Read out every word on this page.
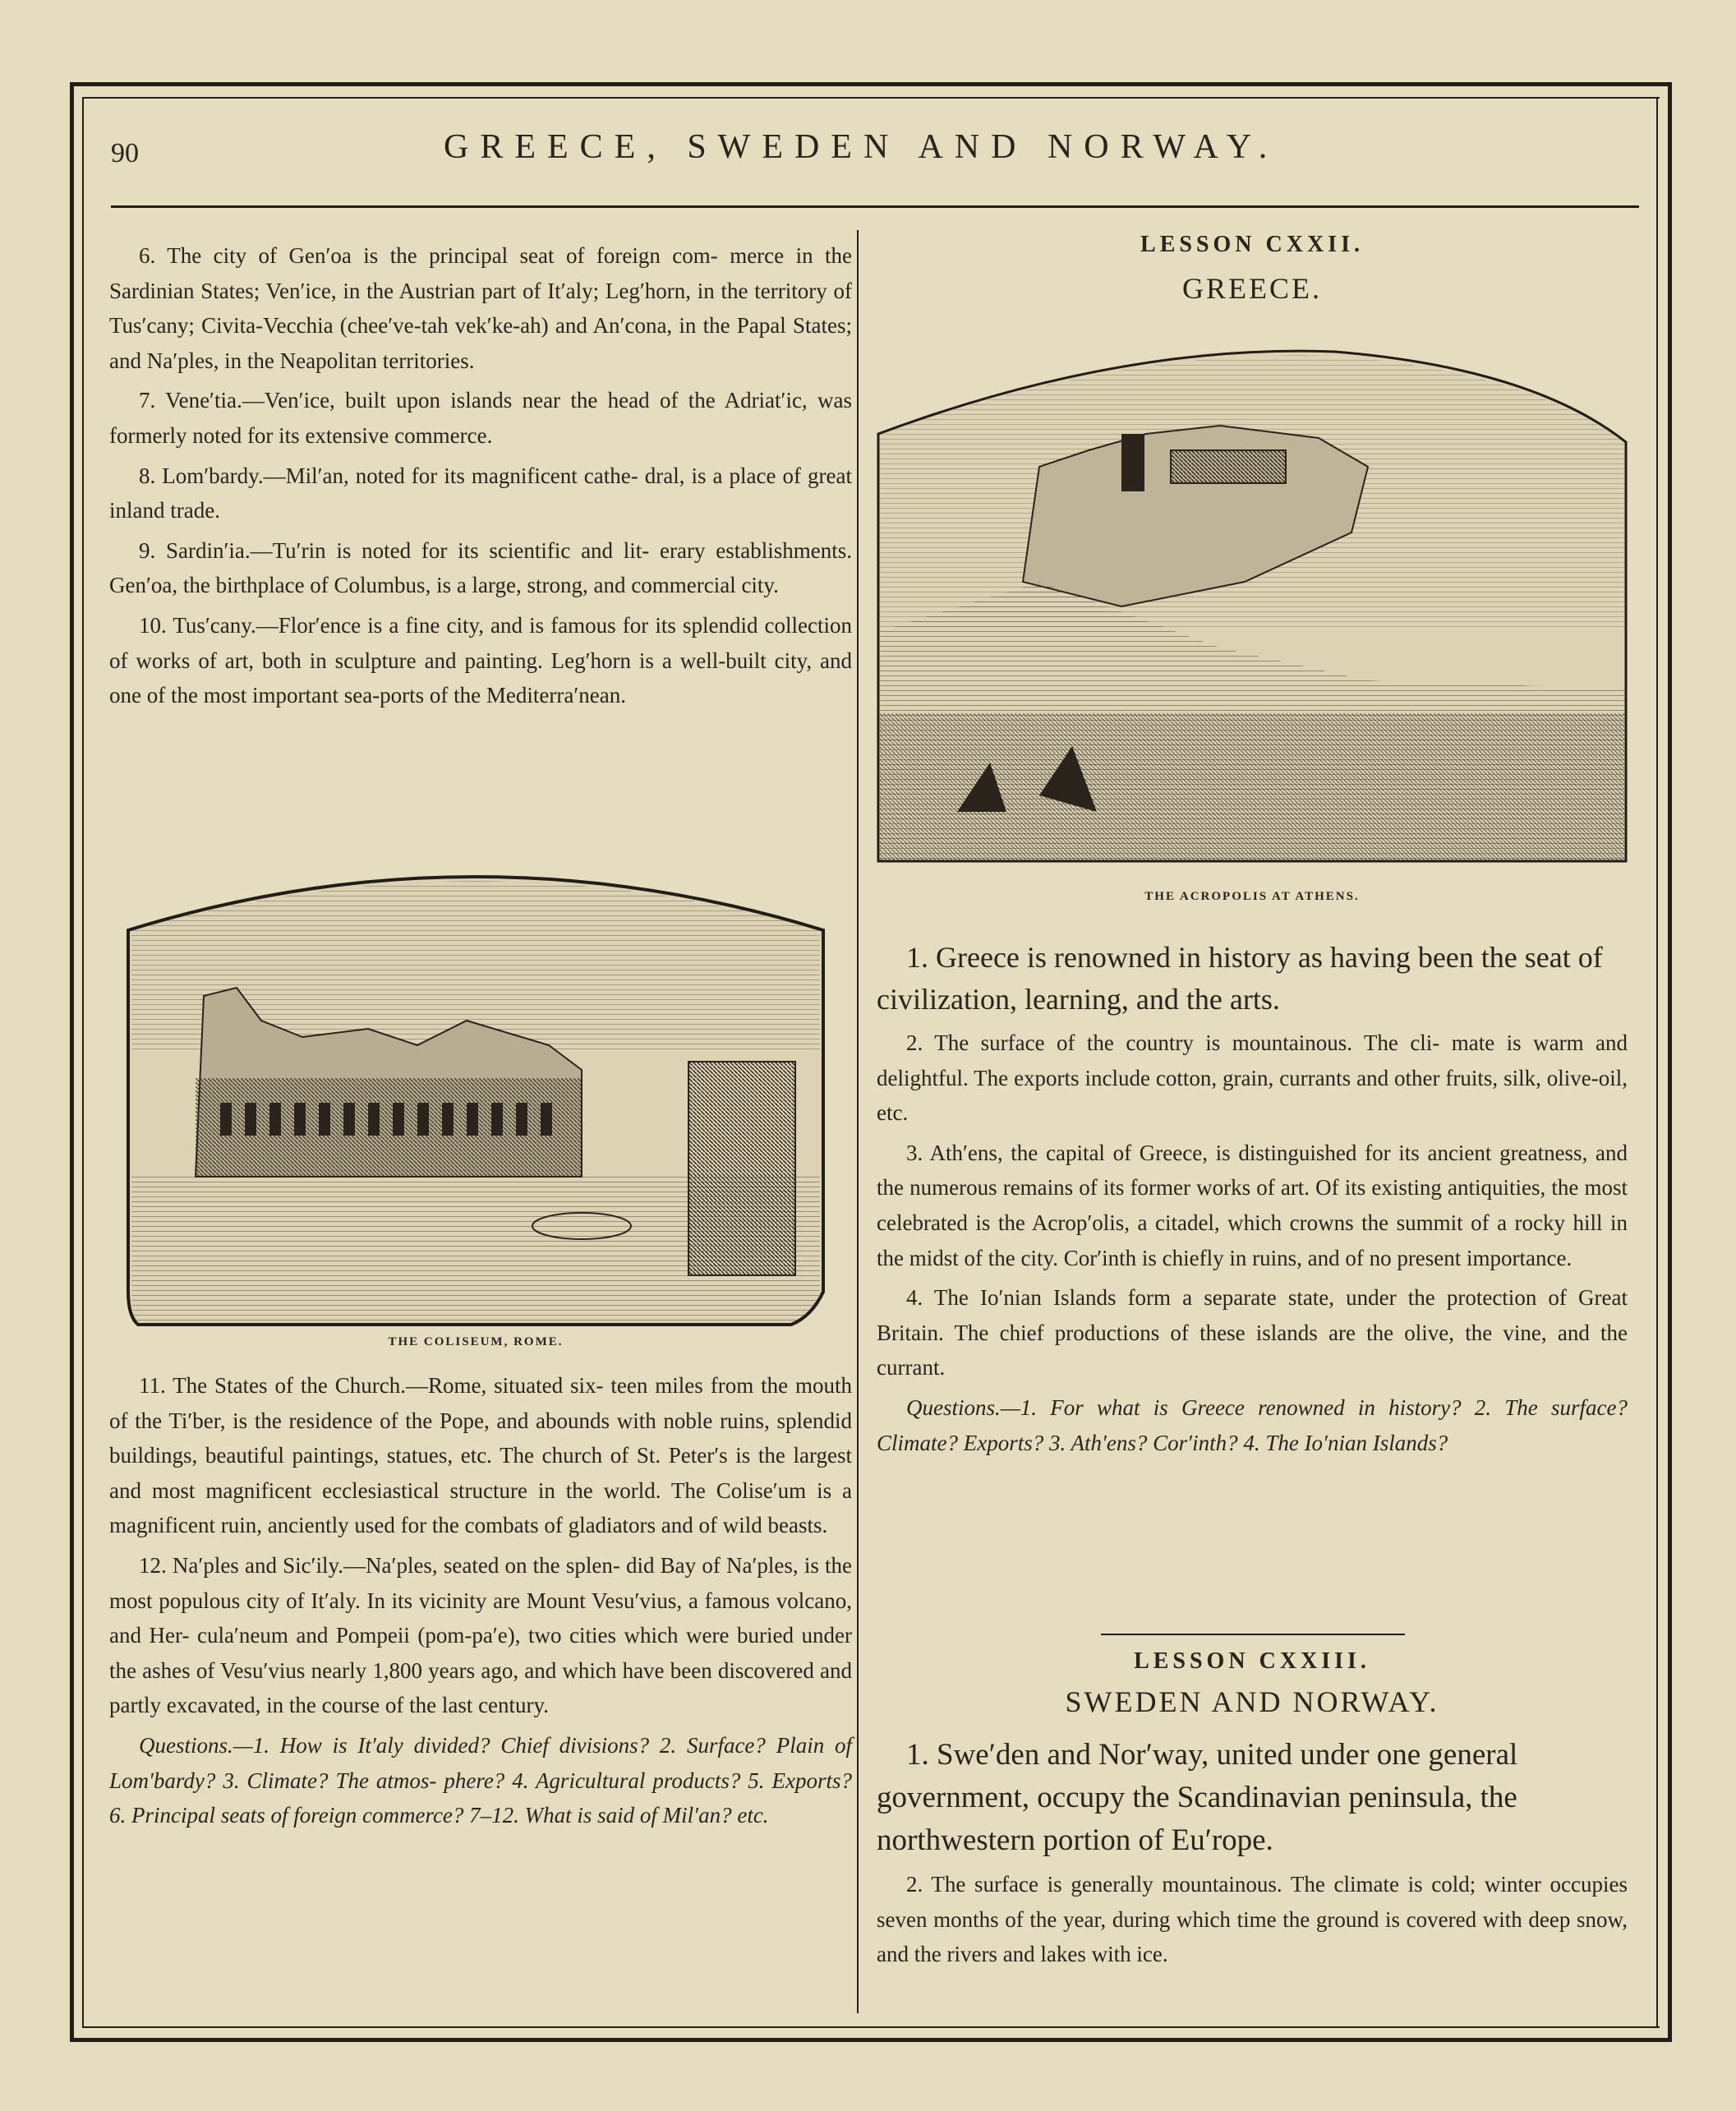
90	GREECE, SWEDEN AND NORWAY.

6. The city of Gen′oa is the principal seat of foreign com- merce in the Sardinian States; Ven′ice, in the Austrian part of It′aly; Leg′horn, in the territory of Tus′cany; Civita-Vecchia (chee′ve-tah vek′ke-ah) and An′cona, in the Papal States; and Na′ples, in the Neapolitan territories.

7. Vene′tia.—Ven′ice, built upon islands near the head of the Adriat′ic, was formerly noted for its extensive commerce.

8. Lom′bardy.—Mil′an, noted for its magnificent cathe- dral, is a place of great inland trade.

9. Sardin′ia.—Tu′rin is noted for its scientific and lit- erary establishments. Gen′oa, the birthplace of Columbus, is a large, strong, and commercial city.

10. Tus′cany.—Flor′ence is a fine city, and is famous for its splendid collection of works of art, both in sculpture and painting. Leg′horn is a well-built city, and one of the most important sea-ports of the Mediterra′nean.

THE COLISEUM, ROME.

11. The States of the Church.—Rome, situated six- teen miles from the mouth of the Ti′ber, is the residence of the Pope, and abounds with noble ruins, splendid buildings, beautiful paintings, statues, etc. The church of St. Peter′s is the largest and most magnificent ecclesiastical structure in the world. The Colise′um is a magnificent ruin, anciently used for the combats of gladiators and of wild beasts.

12. Na′ples and Sic′ily.—Na′ples, seated on the splen- did Bay of Na′ples, is the most populous city of It′aly. In its vicinity are Mount Vesu′vius, a famous volcano, and Her- cula′neum and Pompeii (pom-pa′e), two cities which were buried under the ashes of Vesu′vius nearly 1,800 years ago, and which have been discovered and partly excavated, in the course of the last century.

Questions.—1. How is It′aly divided? Chief divisions? 2. Surface? Plain of Lom′bardy? 3. Climate? The atmos- phere? 4. Agricultural products? 5. Exports? 6. Principal seats of foreign commerce? 7–12. What is said of Mil′an? etc.

LESSON CXXII.
GREECE.
THE ACROPOLIS AT ATHENS.

1. Greece is renowned in history as having been the seat of civilization, learning, and the arts.

2. The surface of the country is mountainous. The cli- mate is warm and delightful. The exports include cotton, grain, currants and other fruits, silk, olive-oil, etc.

3. Ath′ens, the capital of Greece, is distinguished for its ancient greatness, and the numerous remains of its former works of art. Of its existing antiquities, the most celebrated is the Acrop′olis, a citadel, which crowns the summit of a rocky hill in the midst of the city. Cor′inth is chiefly in ruins, and of no present importance.

4. The Io′nian Islands form a separate state, under the protection of Great Britain. The chief productions of these islands are the olive, the vine, and the currant.

Questions.—1. For what is Greece renowned in history? 2. The surface? Climate? Exports? 3. Ath′ens? Cor′inth? 4. The Io′nian Islands?

LESSON CXXIII.
SWEDEN AND NORWAY.

1. Swe′den and Nor′way, united under one general government, occupy the Scandinavian peninsula, the northwestern portion of Eu′rope.

2. The surface is generally mountainous. The climate is cold; winter occupies seven months of the year, during which time the ground is covered with deep snow, and the rivers and lakes with ice.
